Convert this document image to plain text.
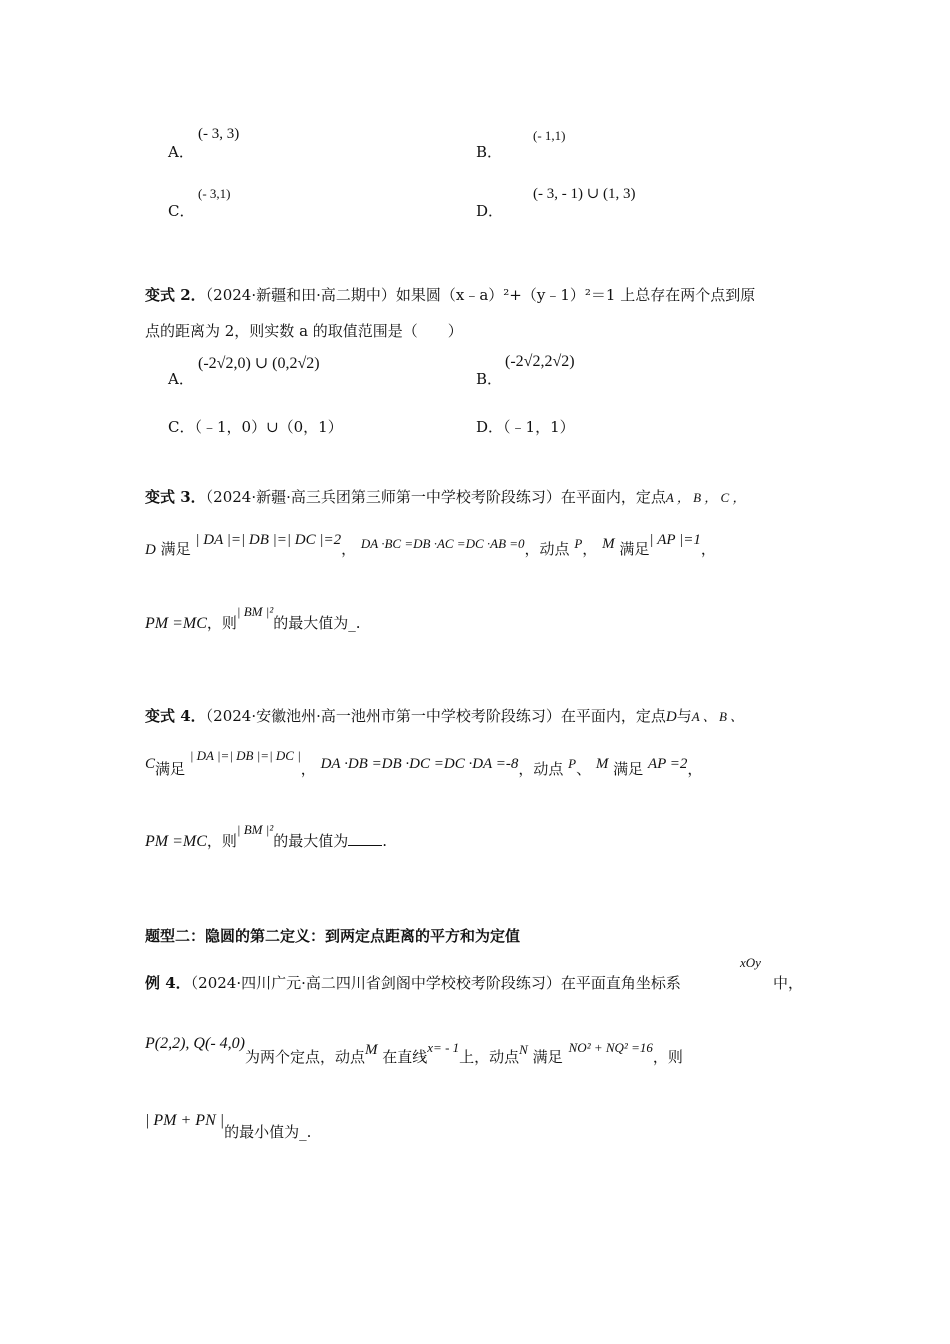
A．
(- 3, 3)
B．
(- 1,1)
C．
(- 3,1)
D．
(- 3, - 1) ∪ (1, 3)
变式 2．（2024·新疆和田·高二期中）如果圆（x﹣a）²+（y﹣1）²＝1 上总存在两个点到原
点的距离为 2，则实数 a 的取值范围是（　　）
A．
(-2√2,0) ∪ (0,2√2)
B．
(-2√2,2√2)
C．（﹣1，0）∪（0，1）	D．（﹣1，1）
变式 3．（2024·新疆·高三兵团第三师第一中学校考阶段练习）在平面内，定点A ， B ， C ，
D 满足 | DA |=| DB |=| DC |=2， DA ·BC =DB ·AC =DC ·AB =0，动点 P， M 满足| AP |=1，
PM =MC，则| BM |²的最大值为_.
变式 4．（2024·安徽池州·高一池州市第一中学校考阶段练习）在平面内，定点D与A 、 B 、
C满足 | DA |=| DB |=| DC |， DA ·DB =DB ·DC =DC ·DA =-8，动点 P、 M 满足 AP =2，
PM =MC，则| BM |²的最大值为 .
题型二：隐圆的第二定义：到两定点距离的平方和为定值
xOy
例 4．（2024·四川广元·高二四川省剑阁中学校校考阶段练习）在平面直角坐标系	中，
P(2,2), Q(- 4,0)为两个定点，动点M 在直线x= - 1上，动点N 满足NO² + NQ² =16，则
| PM + PN |的最小值为_.
